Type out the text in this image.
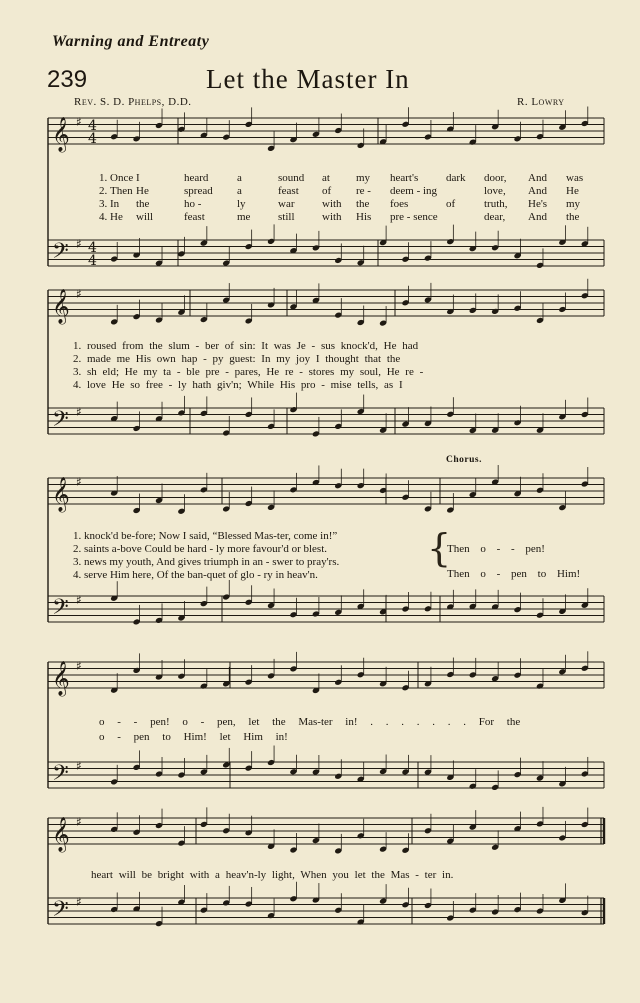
Warning and Entreaty
239	Let the Master In
Rev. S. D. Phelps, D.D.	R. Lowry
𝄞
𝄢
♯
♯
4
4
4
4
𝄞
𝄢
♯
♯
𝄞
𝄢
♯
♯
𝄞
𝄢
♯
♯
𝄞
𝄢
♯
♯
1. Once I	heard	a	sound at my heart's	dark door, And was
2. Then He	spread a	feast of re - deem - ing	love, And He
3. In the	ho -	ly	war	with the foes	of	truth, He's my
4. He will	feast	me	still with His pre - sence	dear, And the
1. roused from the slum - ber of sin: It was Je - sus knock'd, He had
2. made me His own hap - py guest: In my joy I thought that the
3. sh eld; He my ta - ble pre - pares, He re - stores my soul, He re -
4. love He so free - ly hath giv'n; While His pro - mise tells, as I
Chorus.
1. knock'd be-fore; Now I said, “Blessed Mas-ter, come in!”
2. saints a-bove Could be hard - ly more favour'd or blest.
3. news my youth, And gives triumph in an - swer to pray'rs.
4. serve Him here, Of the ban-quet of glo - ry in heav'n.
{
Then o - - pen!
Then o - pen to Him!
o - - pen! o - pen, let the Mas-ter in! . . . . . . . For the
o - pen to Him! let Him in!
heart will be bright with a heav'n-ly light, When you let the Mas - ter in.
